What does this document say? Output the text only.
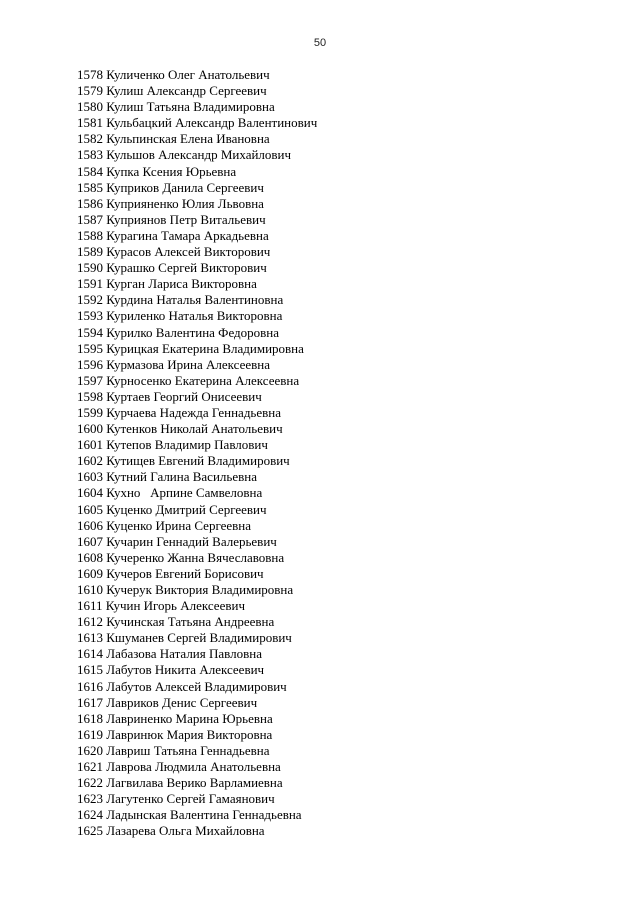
50
1578 Куличенко Олег Анатольевич
1579 Кулиш Александр Сергеевич
1580 Кулиш Татьяна Владимировна
1581 Кульбацкий Александр Валентинович
1582 Кульпинская Елена Ивановна
1583 Кульшов Александр Михайлович
1584 Купка Ксения Юрьевна
1585 Куприков Данила Сергеевич
1586 Куприяненко Юлия Львовна
1587 Куприянов Петр Витальевич
1588 Курагина Тамара Аркадьевна
1589 Курасов Алексей Викторович
1590 Курашко Сергей Викторович
1591 Курган Лариса Викторовна
1592 Курдина Наталья Валентиновна
1593 Куриленко Наталья Викторовна
1594 Курилко Валентина Федоровна
1595 Курицкая Екатерина Владимировна
1596 Курмазова Ирина Алексеевна
1597 Курносенко Екатерина Алексеевна
1598 Куртаев Георгий Онисеевич
1599 Курчаева Надежда Геннадьевна
1600 Кутенков Николай Анатольевич
1601 Кутепов Владимир Павлович
1602 Кутищев Евгений Владимирович
1603 Кутний Галина Васильевна
1604 Кухно   Арпине Самвеловна
1605 Куценко Дмитрий Сергеевич
1606 Куценко Ирина Сергеевна
1607 Кучарин Геннадий Валерьевич
1608 Кучеренко Жанна Вячеславовна
1609 Кучеров Евгений Борисович
1610 Кучерук Виктория Владимировна
1611 Кучин Игорь Алексеевич
1612 Кучинская Татьяна Андреевна
1613 Кшуманев Сергей Владимирович
1614 Лабазова Наталия Павловна
1615 Лабутов Никита Алексеевич
1616 Лабутов Алексей Владимирович
1617 Лавриков Денис Сергеевич
1618 Лавриненко Марина Юрьевна
1619 Лавринюк Мария Викторовна
1620 Лавриш Татьяна Геннадьевна
1621 Лаврова Людмила Анатольевна
1622 Лагвилава Верико Варламиевна
1623 Лагутенко Сергей Гамаянович
1624 Ладынская Валентина Геннадьевна
1625 Лазарева Ольга Михайловна
